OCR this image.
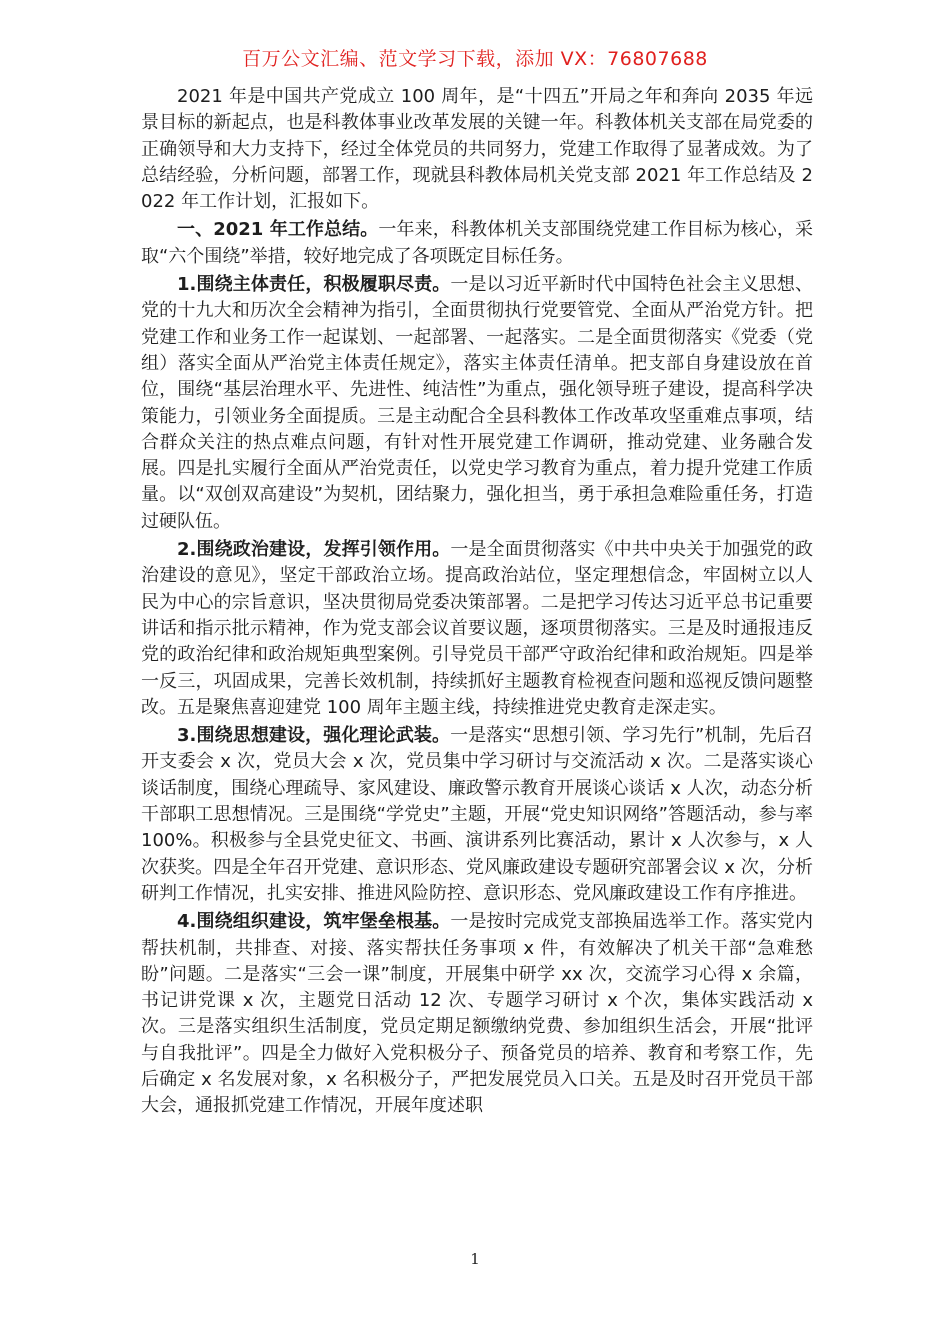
百万公文汇编、范文学习下载，添加 VX：76807688

2021 年是中国共产党成立 100 周年，是“十四五”开局之年和奔向 2035 年远景目标的新起点，也是科教体事业改革发展的关键一年。科教体机关支部在局党委的正确领导和大力支持下，经过全体党员的共同努力，党建工作取得了显著成效。为了总结经验，分析问题，部署工作，现就县科教体局机关党支部 2021 年工作总结及 2022 年工作计划，汇报如下。

一、2021 年工作总结。一年来，科教体机关支部围绕党建工作目标为核心，采取“六个围绕”举措，较好地完成了各项既定目标任务。

1.围绕主体责任，积极履职尽责。一是以习近平新时代中国特色社会主义思想、党的十九大和历次全会精神为指引，全面贯彻执行党要管党、全面从严治党方针。把党建工作和业务工作一起谋划、一起部署、一起落实。二是全面贯彻落实《党委（党组）落实全面从严治党主体责任规定》，落实主体责任清单。把支部自身建设放在首位，围绕“基层治理水平、先进性、纯洁性”为重点，强化领导班子建设，提高科学决策能力，引领业务全面提质。三是主动配合全县科教体工作改革攻坚重难点事项，结合群众关注的热点难点问题，有针对性开展党建工作调研，推动党建、业务融合发展。四是扎实履行全面从严治党责任，以党史学习教育为重点，着力提升党建工作质量。以“双创双高建设”为契机，团结聚力，强化担当，勇于承担急难险重任务，打造过硬队伍。

2.围绕政治建设，发挥引领作用。一是全面贯彻落实《中共中央关于加强党的政治建设的意见》，坚定干部政治立场。提高政治站位，坚定理想信念，牢固树立以人民为中心的宗旨意识，坚决贯彻局党委决策部署。二是把学习传达习近平总书记重要讲话和指示批示精神，作为党支部会议首要议题，逐项贯彻落实。三是及时通报违反党的政治纪律和政治规矩典型案例。引导党员干部严守政治纪律和政治规矩。四是举一反三，巩固成果，完善长效机制，持续抓好主题教育检视查问题和巡视反馈问题整改。五是聚焦喜迎建党 100 周年主题主线，持续推进党史教育走深走实。

3.围绕思想建设，强化理论武装。一是落实“思想引领、学习先行”机制，先后召开支委会 x 次，党员大会 x 次，党员集中学习研讨与交流活动 x 次。二是落实谈心谈话制度，围绕心理疏导、家风建设、廉政警示教育开展谈心谈话 x 人次，动态分析干部职工思想情况。三是围绕“学党史”主题，开展“党史知识网络”答题活动，参与率 100%。积极参与全县党史征文、书画、演讲系列比赛活动，累计 x 人次参与，x 人次获奖。四是全年召开党建、意识形态、党风廉政建设专题研究部署会议 x 次，分析研判工作情况，扎实安排、推进风险防控、意识形态、党风廉政建设工作有序推进。

4.围绕组织建设，筑牢堡垒根基。一是按时完成党支部换届选举工作。落实党内帮扶机制，共排查、对接、落实帮扶任务事项 x 件，有效解决了机关干部“急难愁盼”问题。二是落实“三会一课”制度，开展集中研学 xx 次，交流学习心得 x 余篇，书记讲党课 x 次，主题党日活动 12 次、专题学习研讨 x 个次，集体实践活动 x 次。三是落实组织生活制度，党员定期足额缴纳党费、参加组织生活会，开展“批评与自我批评”。四是全力做好入党积极分子、预备党员的培养、教育和考察工作，先后确定 x 名发展对象，x 名积极分子，严把发展党员入口关。五是及时召开党员干部大会，通报抓党建工作情况，开展年度述职

1
